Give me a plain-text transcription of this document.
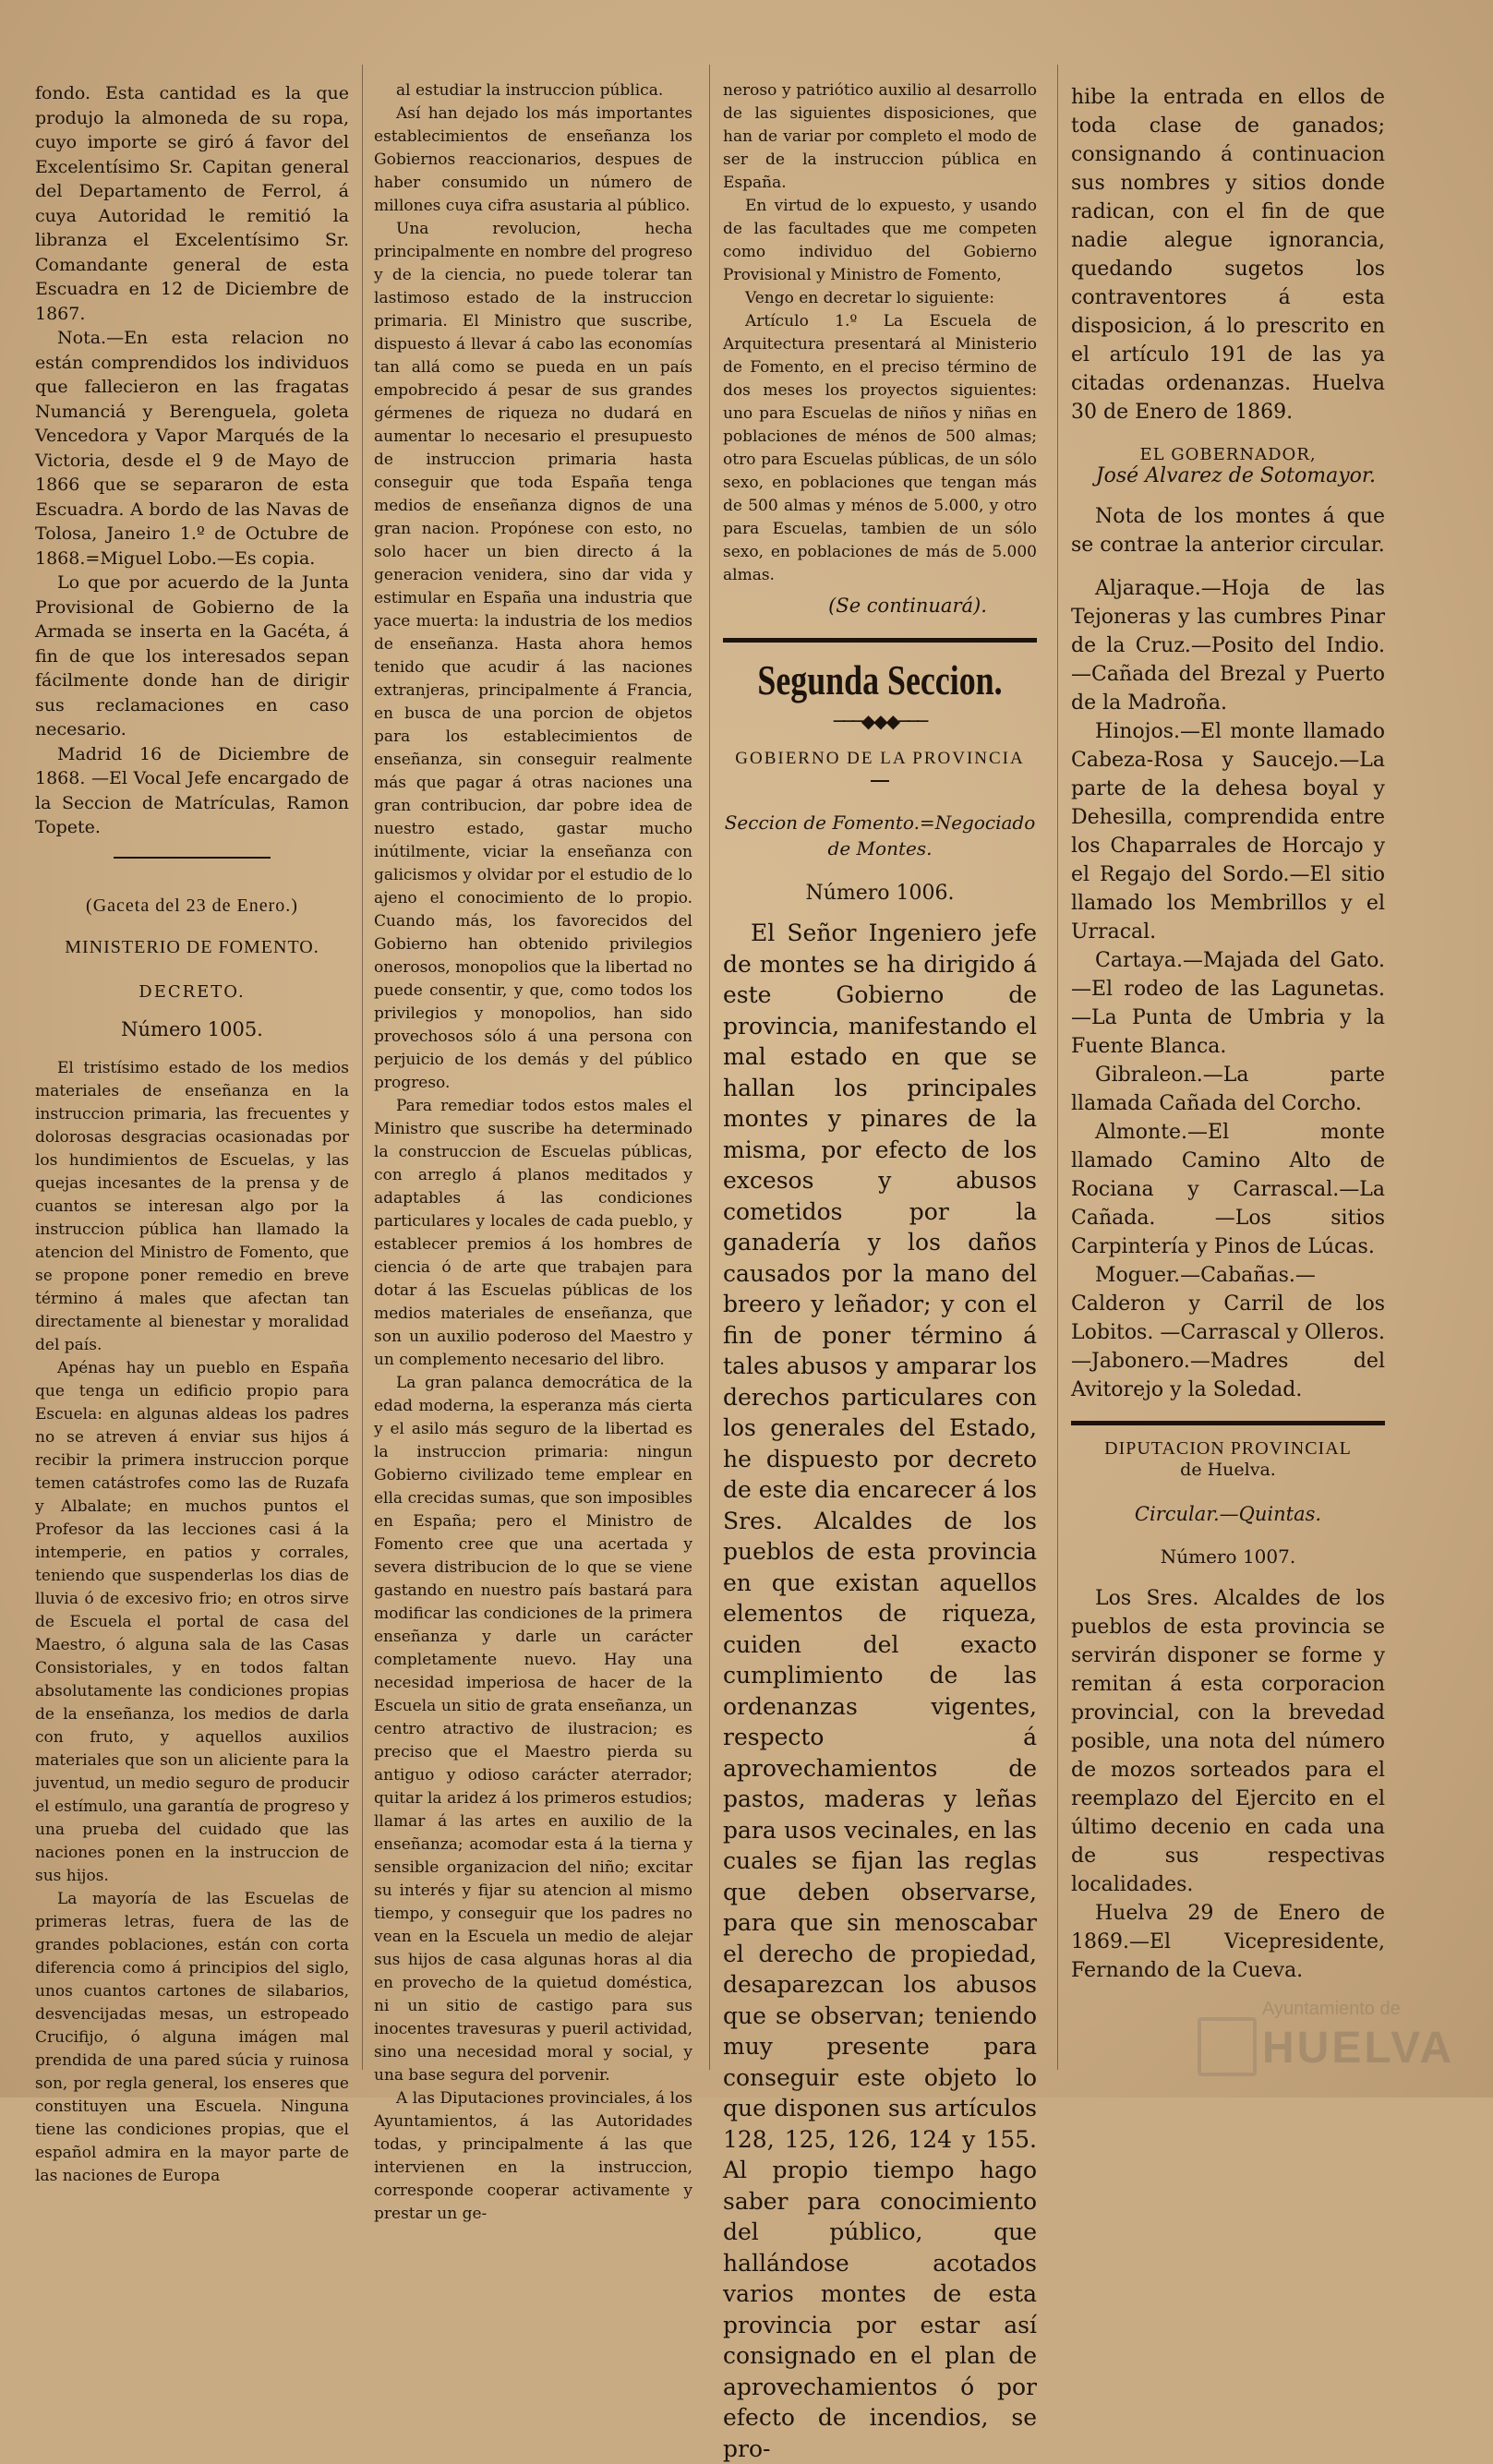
fondo. Esta cantidad es la que produjo la almoneda de su ropa, cuyo importe se giró á favor del Excelentísimo Sr. Capitan general del Departamento de Ferrol, á cuya Autoridad le remitió la libranza el Excelentísimo Sr. Comandante general de esta Escuadra en 12 de Diciembre de 1867.

Nota.—En esta relacion no están comprendidos los individuos que fallecieron en las fragatas Numanciá y Berenguela, goleta Vencedora y Vapor Marqués de la Victoria, desde el 9 de Mayo de 1866 que se separaron de esta Escuadra. A bordo de las Navas de Tolosa, Janeiro 1.º de Octubre de 1868.=Miguel Lobo.—Es copia.

Lo que por acuerdo de la Junta Provisional de Gobierno de la Armada se inserta en la Gacéta, á fin de que los interesados sepan fácilmente donde han de dirigir sus reclamaciones en caso necesario.

Madrid 16 de Diciembre de 1868. —El Vocal Jefe encargado de la Seccion de Matrículas, Ramon Topete.

(Gaceta del 23 de Enero.)
MINISTERIO DE FOMENTO.
DECRETO.
Número 1005.

El tristísimo estado de los medios materiales de enseñanza en la instruccion primaria, las frecuentes y dolorosas desgracias ocasionadas por los hundimientos de Escuelas, y las quejas incesantes de la prensa y de cuantos se interesan algo por la instruccion pública han llamado la atencion del Ministro de Fomento, que se propone poner remedio en breve término á males que afectan tan directamente al bienestar y moralidad del país.

Apénas hay un pueblo en España que tenga un edificio propio para Escuela: en algunas aldeas los padres no se atreven á enviar sus hijos á recibir la primera instruccion porque temen catástrofes como las de Ruzafa y Albalate; en muchos puntos el Profesor da las lecciones casi á la intemperie, en patios y corrales, teniendo que suspenderlas los dias de lluvia ó de excesivo frio; en otros sirve de Escuela el portal de casa del Maestro, ó alguna sala de las Casas Consistoriales, y en todos faltan absolutamente las condiciones propias de la enseñanza, los medios de darla con fruto, y aquellos auxilios materiales que son un aliciente para la juventud, un medio seguro de producir el estímulo, una garantía de progreso y una prueba del cuidado que las naciones ponen en la instruccion de sus hijos.

La mayoría de las Escuelas de primeras letras, fuera de las de grandes poblaciones, están con corta diferencia como á principios del siglo, unos cuantos cartones de silabarios, desvencijadas mesas, un estropeado Crucifijo, ó alguna imágen mal prendida de una pared súcia y ruinosa son, por regla general, los enseres que constituyen una Escuela. Ninguna tiene las condiciones propias, que el español admira en la mayor parte de las naciones de Europa

al estudiar la instruccion pública.

Así han dejado los más importantes establecimientos de enseñanza los Gobiernos reaccionarios, despues de haber consumido un número de millones cuya cifra asustaria al público.

Una revolucion, hecha principalmente en nombre del progreso y de la ciencia, no puede tolerar tan lastimoso estado de la instruccion primaria. El Ministro que suscribe, dispuesto á llevar á cabo las economías tan allá como se pueda en un país empobrecido á pesar de sus grandes gérmenes de riqueza no dudará en aumentar lo necesario el presupuesto de instruccion primaria hasta conseguir que toda España tenga medios de enseñanza dignos de una gran nacion. Propónese con esto, no solo hacer un bien directo á la generacion venidera, sino dar vida y estimular en España una industria que yace muerta: la industria de los medios de enseñanza. Hasta ahora hemos tenido que acudir á las naciones extranjeras, principalmente á Francia, en busca de una porcion de objetos para los establecimientos de enseñanza, sin conseguir realmente más que pagar á otras naciones una gran contribucion, dar pobre idea de nuestro estado, gastar mucho inútilmente, viciar la enseñanza con galicismos y olvidar por el estudio de lo ajeno el conocimiento de lo propio. Cuando más, los favorecidos del Gobierno han obtenido privilegios onerosos, monopolios que la libertad no puede consentir, y que, como todos los privilegios y monopolios, han sido provechosos sólo á una persona con perjuicio de los demás y del público progreso.

Para remediar todos estos males el Ministro que suscribe ha determinado la construccion de Escuelas públicas, con arreglo á planos meditados y adaptables á las condiciones particulares y locales de cada pueblo, y establecer premios á los hombres de ciencia ó de arte que trabajen para dotar á las Escuelas públicas de los medios materiales de enseñanza, que son un auxilio poderoso del Maestro y un complemento necesario del libro.

La gran palanca democrática de la edad moderna, la esperanza más cierta y el asilo más seguro de la libertad es la instruccion primaria: ningun Gobierno civilizado teme emplear en ella crecidas sumas, que son imposibles en España; pero el Ministro de Fomento cree que una acertada y severa distribucion de lo que se viene gastando en nuestro país bastará para modificar las condiciones de la primera enseñanza y darle un carácter completamente nuevo. Hay una necesidad imperiosa de hacer de la Escuela un sitio de grata enseñanza, un centro atractivo de ilustracion; es preciso que el Maestro pierda su antiguo y odioso carácter aterrador; quitar la aridez á los primeros estudios; llamar á las artes en auxilio de la enseñanza; acomodar esta á la tierna y sensible organizacion del niño; excitar su interés y fijar su atencion al mismo tiempo, y conseguir que los padres no vean en la Escuela un medio de alejar sus hijos de casa algunas horas al dia en provecho de la quietud doméstica, ni un sitio de castigo para sus inocentes travesuras y pueril actividad, sino una necesidad moral y social, y una base segura del porvenir.

A las Diputaciones provinciales, á los Ayuntamientos, á las Autoridades todas, y principalmente á las que intervienen en la instruccion, corresponde cooperar activamente y prestar un ge-

neroso y patriótico auxilio al desarrollo de las siguientes disposiciones, que han de variar por completo el modo de ser de la instruccion pública en España.

En virtud de lo expuesto, y usando de las facultades que me competen como individuo del Gobierno Provisional y Ministro de Fomento,

Vengo en decretar lo siguiente:

Artículo 1.º La Escuela de Arquitectura presentará al Ministerio de Fomento, en el preciso término de dos meses los proyectos siguientes: uno para Escuelas de niños y niñas en poblaciones de ménos de 500 almas; otro para Escuelas públicas, de un sólo sexo, en poblaciones que tengan más de 500 almas y ménos de 5.000, y otro para Escuelas, tambien de un sólo sexo, en poblaciones de más de 5.000 almas.

(Se continuará).

Segunda Seccion.
───◆◆◆───
GOBIERNO DE LA PROVINCIA

Seccion de Fomento.=Negociado de Montes.

Número 1006.

El Señor Ingeniero jefe de montes se ha dirigido á este Gobierno de provincia, manifestando el mal estado en que se hallan los principales montes y pinares de la misma, por efecto de los excesos y abusos cometidos por la ganadería y los daños causados por la mano del breero y leñador; y con el fin de poner término á tales abusos y amparar los derechos particulares con los generales del Estado, he dispuesto por decreto de este dia encarecer á los Sres. Alcaldes de los pueblos de esta provincia en que existan aquellos elementos de riqueza, cuiden del exacto cumplimiento de las ordenanzas vigentes, respecto á aprovechamientos de pastos, maderas y leñas para usos vecinales, en las cuales se fijan las reglas que deben observarse, para que sin menoscabar el derecho de propiedad, desaparezcan los abusos que se observan; teniendo muy presente para conseguir este objeto lo que disponen sus artículos 128, 125, 126, 124 y 155. Al propio tiempo hago saber para conocimiento del público, que hallándose acotados varios montes de esta provincia por estar así consignado en el plan de aprovechamientos ó por efecto de incendios, se pro-

hibe la entrada en ellos de toda clase de ganados; consignando á continuacion sus nombres y sitios donde radican, con el fin de que nadie alegue ignorancia, quedando sugetos los contraventores á esta disposicion, á lo prescrito en el artículo 191 de las ya citadas ordenanzas. Huelva 30 de Enero de 1869.

EL GOBERNADOR,
José Alvarez de Sotomayor.

Nota de los montes á que se contrae la anterior circular.

Aljaraque.—Hoja de las Tejoneras y las cumbres Pinar de la Cruz.—Posito del Indio.—Cañada del Brezal y Puerto de la Madroña.

Hinojos.—El monte llamado Cabeza-Rosa y Saucejo.—La parte de la dehesa boyal y Dehesilla, comprendida entre los Chaparrales de Horcajo y el Regajo del Sordo.—El sitio llamado los Membrillos y el Urracal.

Cartaya.—Majada del Gato.—El rodeo de las Lagunetas.—La Punta de Umbria y la Fuente Blanca.

Gibraleon.—La parte llamada Cañada del Corcho.

Almonte.—El monte llamado Camino Alto de Rociana y Carrascal.—La Cañada. —Los sitios Carpintería y Pinos de Lúcas.

Moguer.—Cabañas.—Calderon y Carril de los Lobitos. —Carrascal y Olleros.—Jabonero.—Madres del Avitorejo y la Soledad.

DIPUTACION PROVINCIAL
de Huelva.

Circular.—Quintas.

Número 1007.

Los Sres. Alcaldes de los pueblos de esta provincia se servirán disponer se forme y remitan á esta corporacion provincial, con la brevedad posible, una nota del número de mozos sorteados para el reemplazo del Ejercito en el último decenio en cada una de sus respectivas localidades.

Huelva 29 de Enero de 1869.—El Vicepresidente, Fernando de la Cueva.

Ayuntamiento de
HUELVA
